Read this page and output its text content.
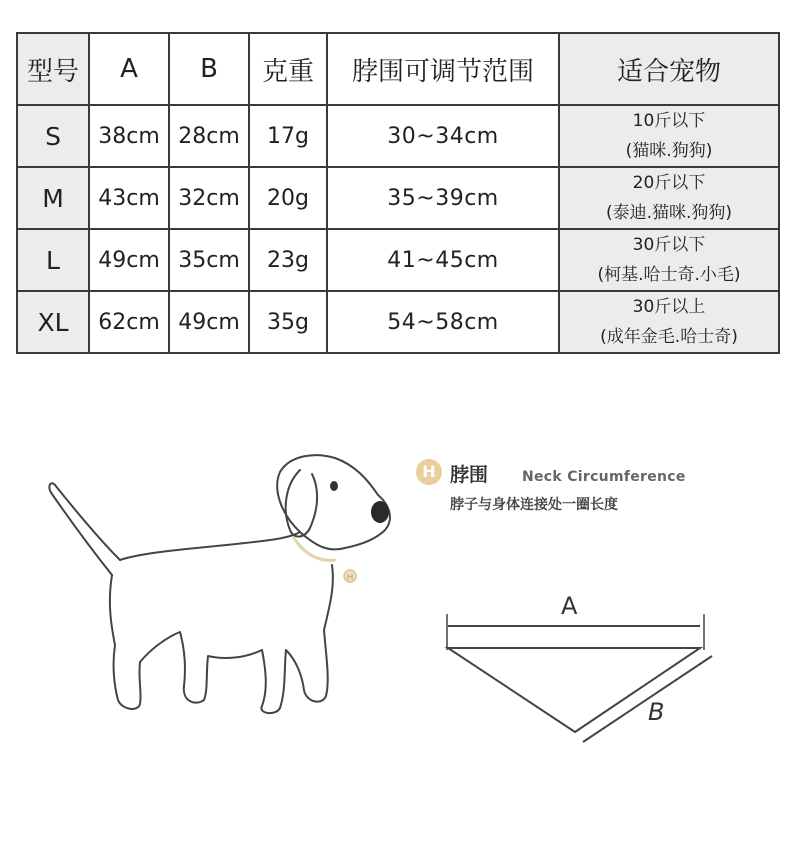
型号	A	B	克重	脖围可调节范围	适合宠物
S	38cm	28cm	17g	30~34cm	10斤以下
(猫咪.狗狗)

M	43cm	32cm	20g	35~39cm	20斤以下
(泰迪.猫咪.狗狗)

L	49cm	35cm	23g	41~45cm	30斤以下
(柯基.哈士奇.小毛)

XL	62cm	49cm	35g	54~58cm	30斤以上
(成年金毛.哈士奇)
H
H 脖围 Neck Circumference
脖子与身体连接处一圈长度
A
B
